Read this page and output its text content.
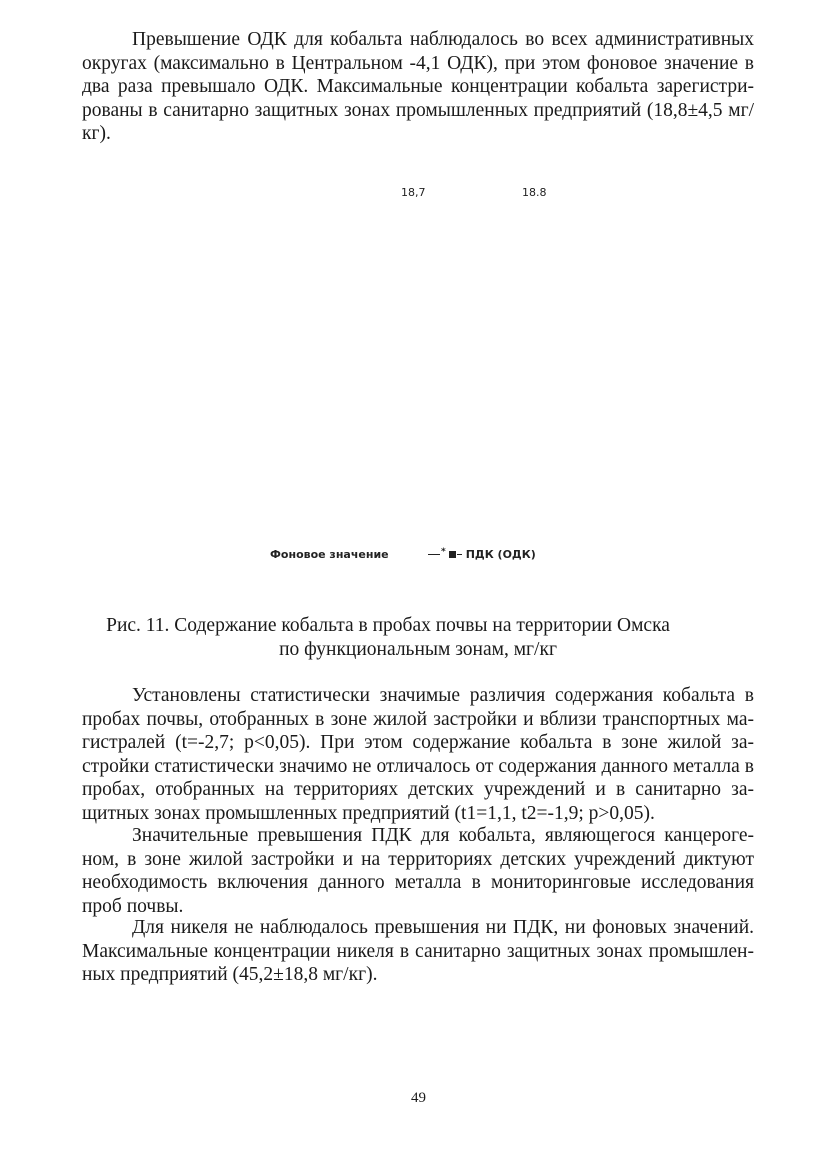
Превышение ОДК для кобальта наблюдалось во всех административных округах (максимально в Центральном -4,1 ОДК), при этом фоновое значение в два раза превышало ОДК. Максимальные концентрации кобальта зарегистри-рованы в санитарно защитных зонах промышленных предприятий (18,8±4,5 мг/кг).

18,7	18.8
Фоновое значение	* ПДК (ОДК)
Рис. 11. Содержание кобальта в пробах почвы на территории Омска
по функциональным зонам, мг/кг

Установлены статистически значимые различия содержания кобальта в пробах почвы, отобранных в зоне жилой застройки и вблизи транспортных ма-гистралей (t=-2,7; p<0,05). При этом содержание кобальта в зоне жилой за-стройки статистически значимо не отличалось от содержания данного металла в пробах, отобранных на территориях детских учреждений и в санитарно за-щитных зонах промышленных предприятий (t1=1,1, t2=-1,9; p>0,05).

Значительные превышения ПДК для кобальта, являющегося канцероге-ном, в зоне жилой застройки и на территориях детских учреждений диктуют необходимость включения данного металла в мониторинговые исследования проб почвы.

Для никеля не наблюдалось превышения ни ПДК, ни фоновых значений. Максимальные концентрации никеля в санитарно защитных зонах промышлен-ных предприятий (45,2±18,8 мг/кг).

49
